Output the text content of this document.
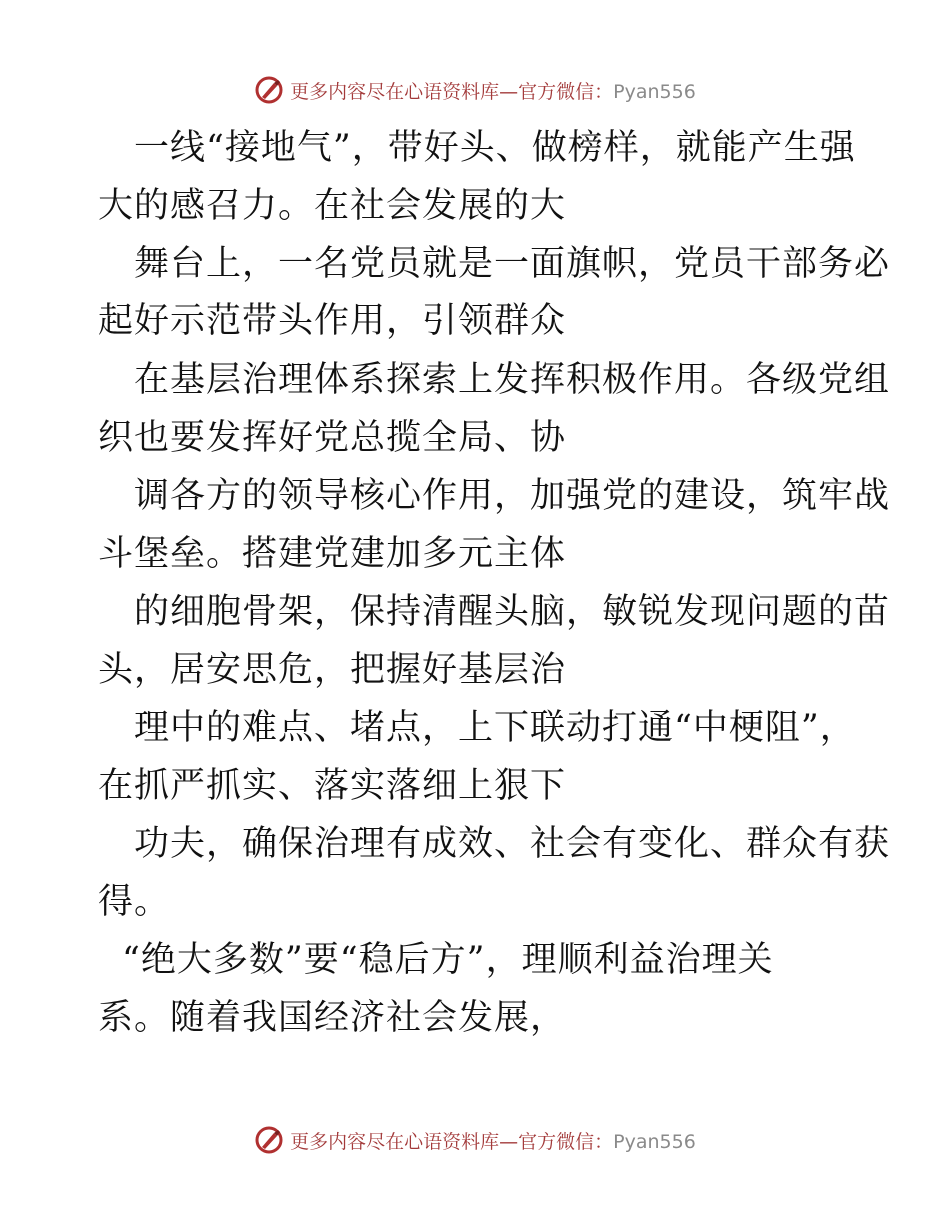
更多内容尽在心语资料库—官方微信：Pyan556
一线“接地气”，带好头、做榜样，就能产生强
大的感召力。在社会发展的大
舞台上，一名党员就是一面旗帜，党员干部务必
起好示范带头作用，引领群众
在基层治理体系探索上发挥积极作用。各级党组
织也要发挥好党总揽全局、协
调各方的领导核心作用，加强党的建设，筑牢战
斗堡垒。搭建党建加多元主体
的细胞骨架，保持清醒头脑，敏锐发现问题的苗
头，居安思危，把握好基层治
理中的难点、堵点，上下联动打通“中梗阻”，
在抓严抓实、落实落细上狠下
功夫，确保治理有成效、社会有变化、群众有获
得。
“绝大多数”要“稳后方”，理顺利益治理关
系。随着我国经济社会发展，
更多内容尽在心语资料库—官方微信：Pyan556
